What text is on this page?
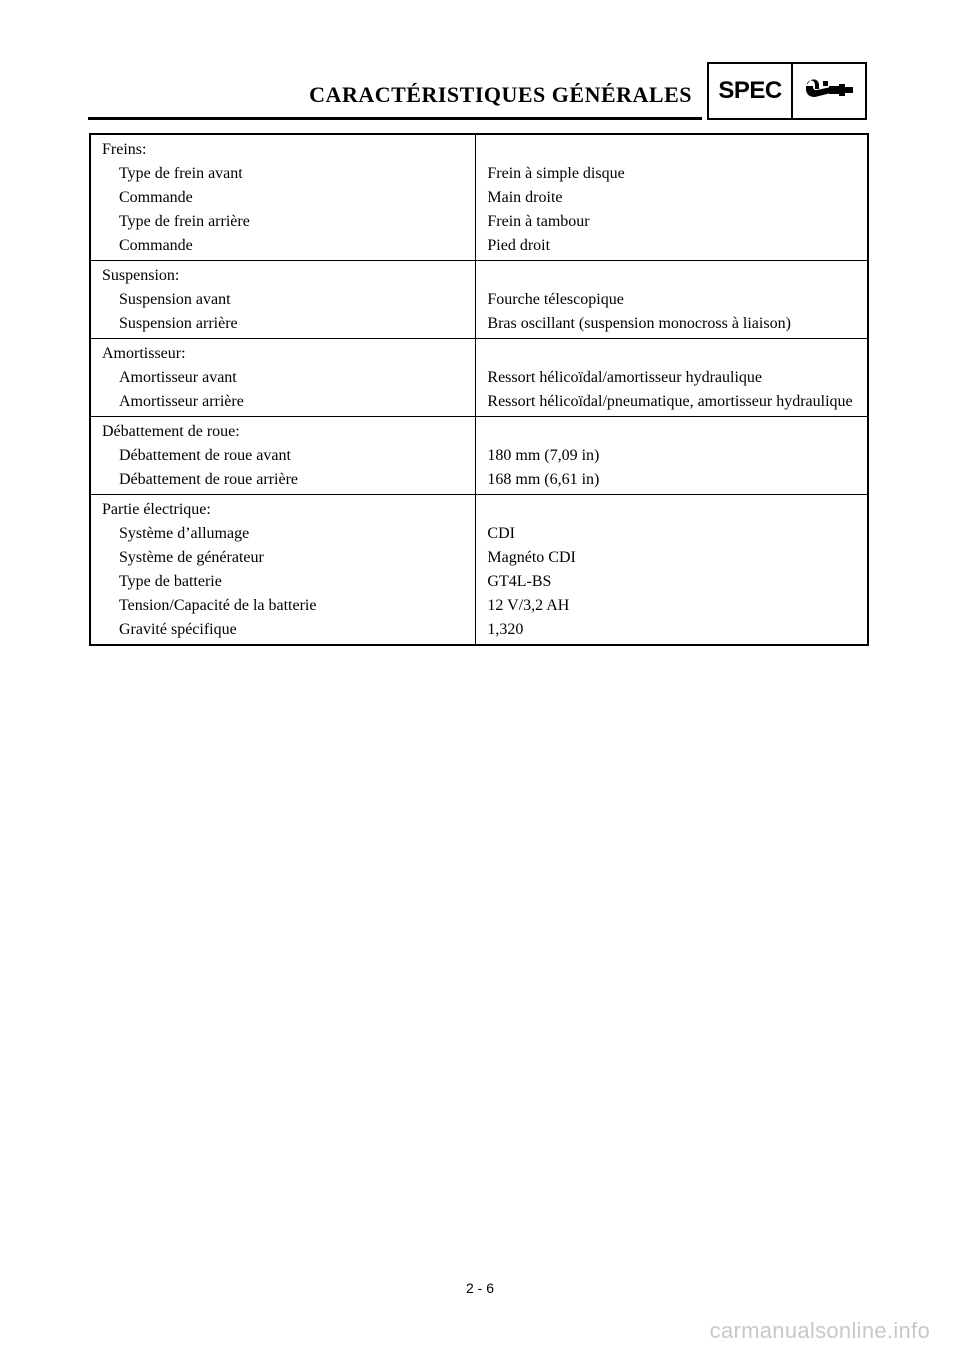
CARACTÉRISTIQUES GÉNÉRALES	SPEC
Freins:	

Type de frein avant	Frein à simple disque

Commande	Main droite

Type de frein arrière	Frein à tambour

Commande	Pied droit

Suspension:	

Suspension avant	Fourche télescopique

Suspension arrière	Bras oscillant (suspension monocross à liaison)

Amortisseur:	

Amortisseur avant	Ressort hélicoïdal/amortisseur hydraulique

Amortisseur arrière	Ressort hélicoïdal/pneumatique, amortisseur hydraulique

Débattement de roue:	

Débattement de roue avant	180 mm (7,09 in)

Débattement de roue arrière	168 mm (6,61 in)

Partie électrique:	

Système d’allumage	CDI

Système de générateur	Magnéto CDI

Type de batterie	GT4L-BS

Tension/Capacité de la batterie	12 V/3,2 AH

Gravité spécifique	1,320
2 - 6
carmanualsonline.info
